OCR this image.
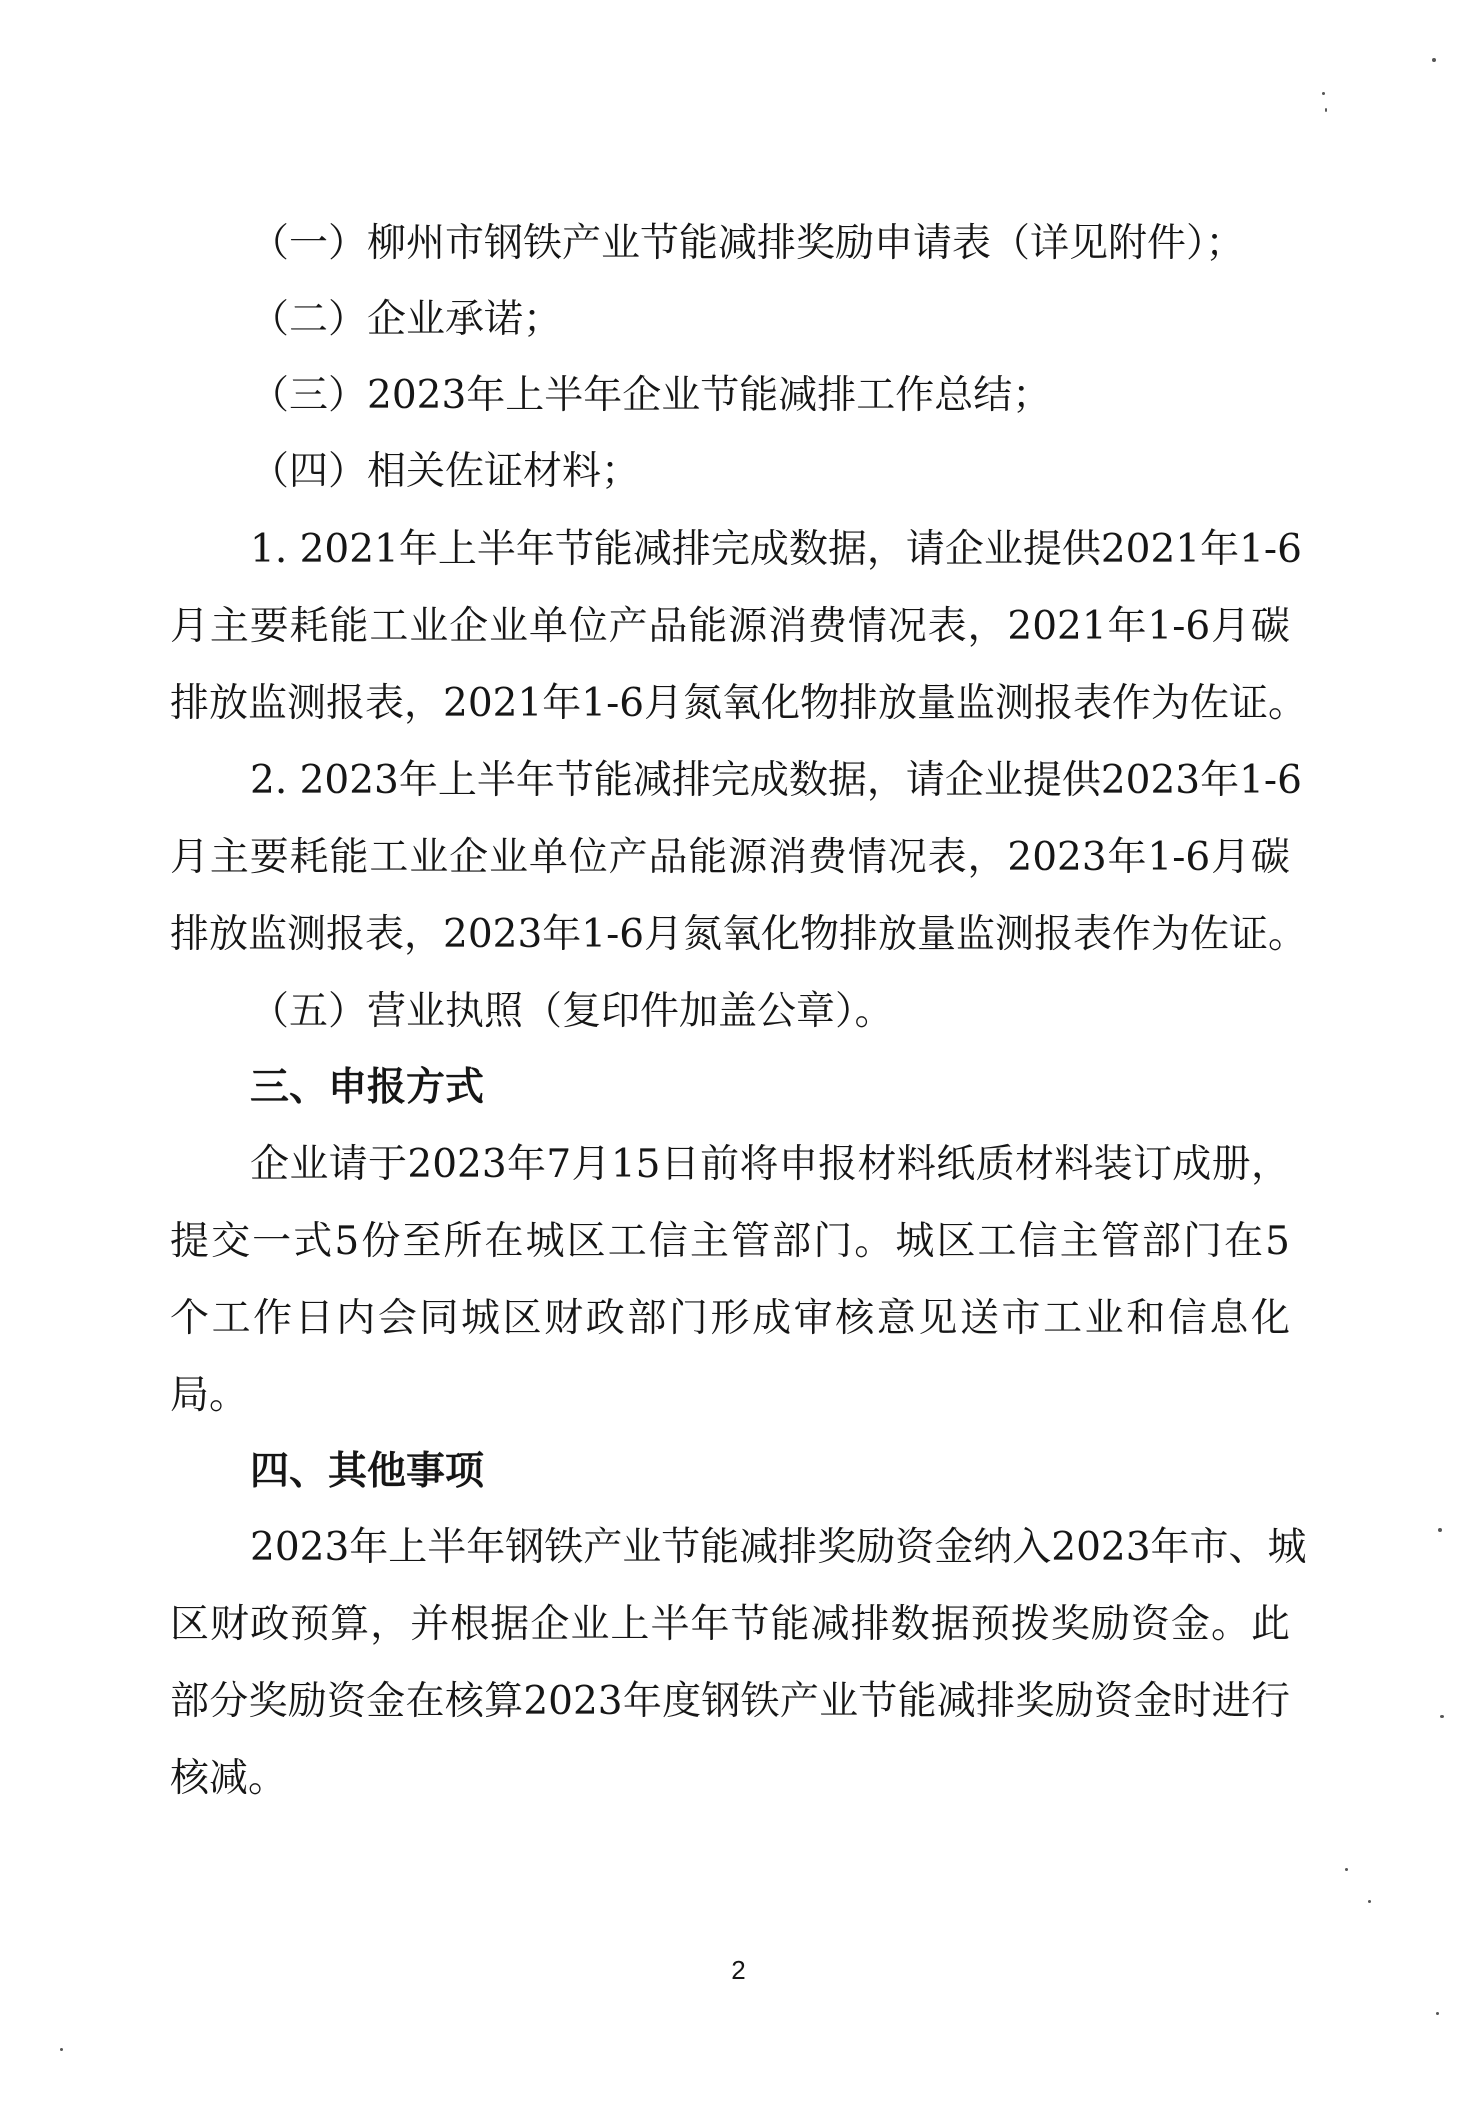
（一）柳州市钢铁产业节能减排奖励申请表（详见附件）；
（二）企业承诺；
（三）2023年上半年企业节能减排工作总结；
（四）相关佐证材料；
1. 2021年上半年节能减排完成数据，请企业提供2021年1-6
月主要耗能工业企业单位产品能源消费情况表，2021年1-6月碳
排放监测报表，2021年1-6月氮氧化物排放量监测报表作为佐证。
2. 2023年上半年节能减排完成数据，请企业提供2023年1-6
月主要耗能工业企业单位产品能源消费情况表，2023年1-6月碳
排放监测报表，2023年1-6月氮氧化物排放量监测报表作为佐证。
（五）营业执照（复印件加盖公章）。
三、申报方式
企业请于2023年7月15日前将申报材料纸质材料装订成册，
提交一式5份至所在城区工信主管部门。城区工信主管部门在5
个工作日内会同城区财政部门形成审核意见送市工业和信息化
局。
四、其他事项
2023年上半年钢铁产业节能减排奖励资金纳入2023年市、城
区财政预算，并根据企业上半年节能减排数据预拨奖励资金。此
部分奖励资金在核算2023年度钢铁产业节能减排奖励资金时进行
核减。
2
